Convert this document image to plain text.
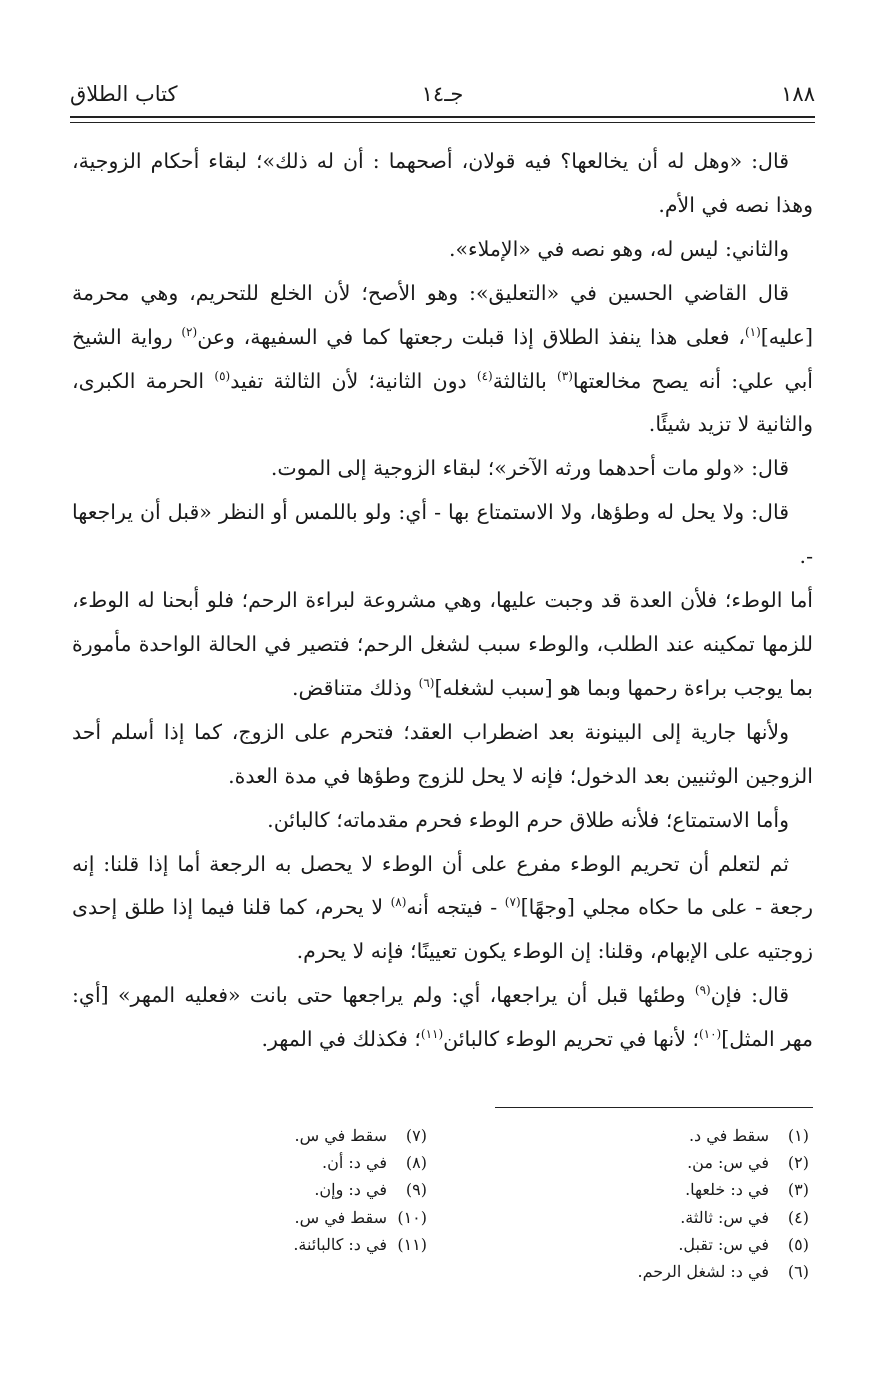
كتاب الطلاق	جـ١٤	١٨٨

قال: «وهل له أن يخالعها؟ فيه قولان، أصحهما : أن له ذلك»؛ لبقاء أحكام الزوجية، وهذا نصه في الأم.

والثاني: ليس له، وهو نصه في «الإملاء».

قال القاضي الحسين في «التعليق»: وهو الأصح؛ لأن الخلع للتحريم، وهي محرمة [عليه]$^{(١)}$، فعلى هذا ينفذ الطلاق إذا قبلت رجعتها كما في السفيهة، وعن$^{(٢)}$ رواية الشيخ أبي علي: أنه يصح مخالعتها$^{(٣)}$ بالثالثة$^{(٤)}$ دون الثانية؛ لأن الثالثة تفيد$^{(٥)}$ الحرمة الكبرى، والثانية لا تزيد شيئًا.

قال: «ولو مات أحدهما ورثه الآخر»؛ لبقاء الزوجية إلى الموت.

قال: ولا يحل له وطؤها، ولا الاستمتاع بها - أي: ولو باللمس أو النظر «قبل أن يراجعها -.

أما الوطء؛ فلأن العدة قد وجبت عليها، وهي مشروعة لبراءة الرحم؛ فلو أبحنا له الوطء، للزمها تمكينه عند الطلب، والوطء سبب لشغل الرحم؛ فتصير في الحالة الواحدة مأمورة بما يوجب براءة رحمها وبما هو [سبب لشغله]$^{(٦)}$ وذلك متناقض.

ولأنها جارية إلى البينونة بعد اضطراب العقد؛ فتحرم على الزوج، كما إذا أسلم أحد الزوجين الوثنيين بعد الدخول؛ فإنه لا يحل للزوج وطؤها في مدة العدة.

وأما الاستمتاع؛ فلأنه طلاق حرم الوطء فحرم مقدماته؛ كالبائن.

ثم لتعلم أن تحريم الوطء مفرع على أن الوطء لا يحصل به الرجعة أما إذا قلنا: إنه رجعة - على ما حكاه مجلي [وجهًا]$^{(٧)}$ - فيتجه أنه$^{(٨)}$ لا يحرم، كما قلنا فيما إذا طلق إحدى زوجتيه على الإبهام، وقلنا: إن الوطء يكون تعيينًا؛ فإنه لا يحرم.

قال: فإن$^{(٩)}$ وطئها قبل أن يراجعها، أي: ولم يراجعها حتى بانت «فعليه المهر» [أي: مهر المثل]$^{(١٠)}$؛ لأنها في تحريم الوطء كالبائن$^{(١١)}$؛ فكذلك في المهر.

(١)سقط في د.
(٢)في س: من.
(٣)في د: خلعها.
(٤)في س: ثالثة.
(٥)في س: تقبل.
(٦)في د: لشغل الرحم.
(٧)سقط في س.
(٨)في د: أن.
(٩)في د: وإن.
(١٠)سقط في س.
(١١)في د: كالبائنة.
